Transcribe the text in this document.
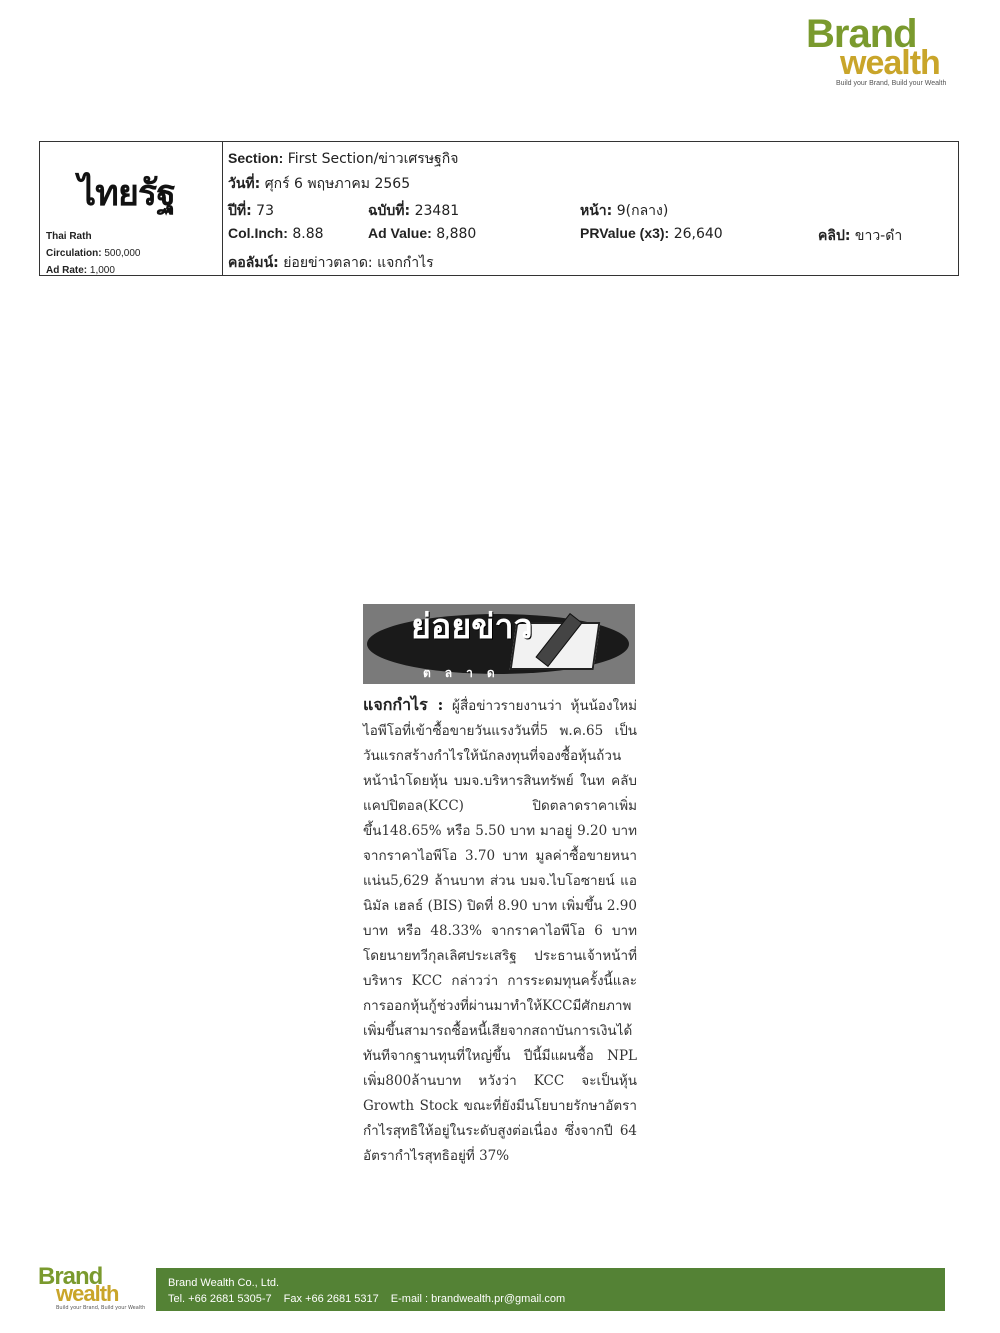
Brand
wealth
Build your Brand, Build your Wealth
ไทยรัฐ
Thai Rath
Circulation: 500,000
Ad Rate: 1,000
Section: First Section/ข่าวเศรษฐกิจ
วันที่: ศุกร์ 6 พฤษภาคม 2565
ปีที่: 73	ฉบับที่: 23481	หน้า: 9(กลาง)
Col.Inch: 8.88	Ad Value: 8,880	PRValue (x3): 26,640	คลิป: ขาว-ดำ
คอลัมน์: ย่อยข่าวตลาด: แจกกำไร
ย่อยข่าว
ตลาด
แจกกำไร : ผู้สื่อข่าวรายงานว่า หุ้นน้องใหม่ไอพีโอที่เข้าซื้อขายวันแรงวันที่5 พ.ค.65 เป็นวันแรกสร้างกำไรให้นักลงทุนที่จองซื้อหุ้นถ้วนหน้านำโดยหุ้น บมจ.บริหารสินทรัพย์ ในท คลับแคปปิตอล(KCC) ปิดตลาดราคาเพิ่มขึ้น148.65% หรือ 5.50 บาท มาอยู่ 9.20 บาท จากราคาไอพีโอ 3.70 บาท มูลค่าซื้อขายหนาแน่น5,629 ล้านบาท ส่วน บมจ.ไบโอซายน์ แอนิมัล เฮลธ์ (BIS) ปิดที่ 8.90 บาท เพิ่มขึ้น 2.90 บาท หรือ 48.33% จากราคาไอพีโอ 6 บาท โดยนายทวีกุลเลิศประเสริฐ ประธานเจ้าหน้าที่บริหาร KCC กล่าวว่า การระดมทุนครั้งนี้และการออกหุ้นกู้ช่วงที่ผ่านมาทำให้KCCมีศักยภาพเพิ่มขึ้นสามารถซื้อหนี้เสียจากสถาบันการเงินได้ทันทีจากฐานทุนที่ใหญ่ขึ้น ปีนี้มีแผนซื้อ NPL เพิ่ม800ล้านบาท หวังว่า KCC จะเป็นหุ้น Growth Stock ขณะที่ยังมีนโยบายรักษาอัตรากำไรสุทธิให้อยู่ในระดับสูงต่อเนื่อง ซึ่งจากปี 64 อัตรากำไรสุทธิอยู่ที่ 37%
Brand
wealth
Build your Brand, Build your Wealth
Brand Wealth Co., Ltd.
Tel. +66 2681 5305-7 Fax +66 2681 5317 E-mail : brandwealth.pr@gmail.com
